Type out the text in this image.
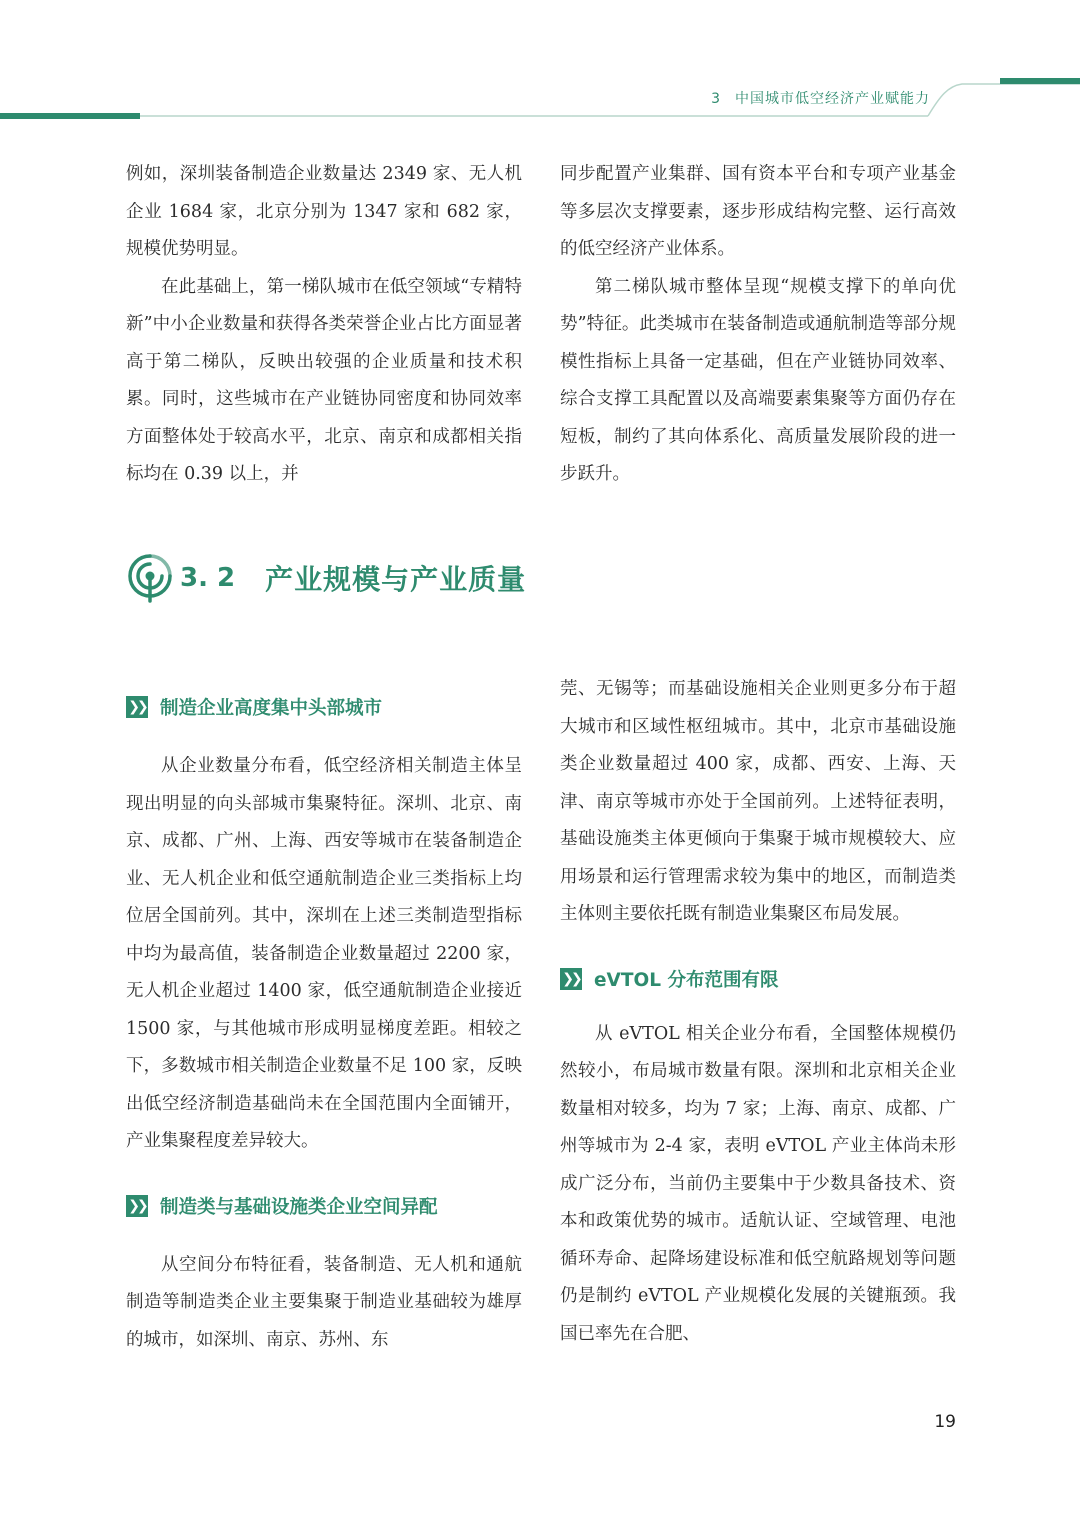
3 中国城市低空经济产业赋能力

例如，深圳装备制造企业数量达 2349 家、无人机企业 1684 家，北京分别为 1347 家和 682 家，规模优势明显。

在此基础上，第一梯队城市在低空领域“专精特新”中小企业数量和获得各类荣誉企业占比方面显著高于第二梯队，反映出较强的企业质量和技术积累。同时，这些城市在产业链协同密度和协同效率方面整体处于较高水平，北京、南京和成都相关指标均在 0.39 以上，并

同步配置产业集群、国有资本平台和专项产业基金等多层次支撑要素，逐步形成结构完整、运行高效的低空经济产业体系。

第二梯队城市整体呈现“规模支撑下的单向优势”特征。此类城市在装备制造或通航制造等部分规模性指标上具备一定基础，但在产业链协同效率、综合支撑工具配置以及高端要素集聚等方面仍存在短板，制约了其向体系化、高质量发展阶段的进一步跃升。

3. 2 产业规模与产业质量
❯❯ 制造企业高度集中头部城市

从企业数量分布看，低空经济相关制造主体呈现出明显的向头部城市集聚特征。深圳、北京、南京、成都、广州、上海、西安等城市在装备制造企业、无人机企业和低空通航制造企业三类指标上均位居全国前列。其中，深圳在上述三类制造型指标中均为最高值，装备制造企业数量超过 2200 家，无人机企业超过 1400 家，低空通航制造企业接近 1500 家，与其他城市形成明显梯度差距。相较之下，多数城市相关制造企业数量不足 100 家，反映出低空经济制造基础尚未在全国范围内全面铺开，产业集聚程度差异较大。

❯❯ 制造类与基础设施类企业空间异配

从空间分布特征看，装备制造、无人机和通航制造等制造类企业主要集聚于制造业基础较为雄厚的城市，如深圳、南京、苏州、东

莞、无锡等；而基础设施相关企业则更多分布于超大城市和区域性枢纽城市。其中，北京市基础设施类企业数量超过 400 家，成都、西安、上海、天津、南京等城市亦处于全国前列。上述特征表明，基础设施类主体更倾向于集聚于城市规模较大、应用场景和运行管理需求较为集中的地区，而制造类主体则主要依托既有制造业集聚区布局发展。

❯❯ eVTOL 分布范围有限

从 eVTOL 相关企业分布看，全国整体规模仍然较小，布局城市数量有限。深圳和北京相关企业数量相对较多，均为 7 家；上海、南京、成都、广州等城市为 2-4 家，表明 eVTOL 产业主体尚未形成广泛分布，当前仍主要集中于少数具备技术、资本和政策优势的城市。适航认证、空域管理、电池循环寿命、起降场建设标准和低空航路规划等问题仍是制约 eVTOL 产业规模化发展的关键瓶颈。我国已率先在合肥、

19
